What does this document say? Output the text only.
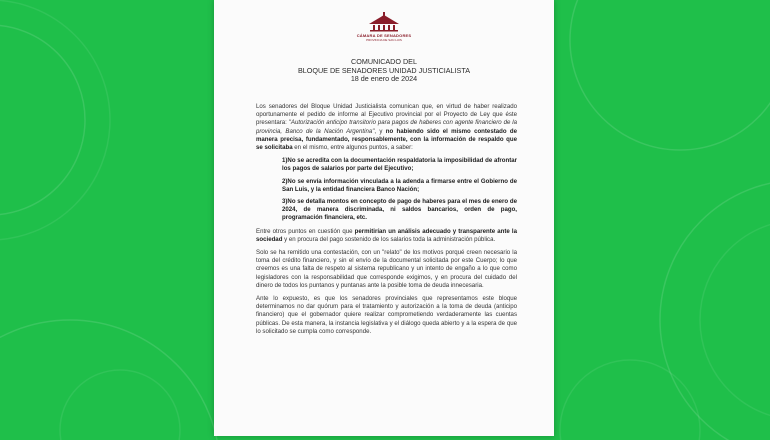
CÁMARA DE SENADORES
PROVINCIA DE SAN LUIS
COMUNICADO DEL
BLOQUE DE SENADORES UNIDAD JUSTICIALISTA
18 de enero de 2024

Los senadores del Bloque Unidad Justicialista comunican que, en virtud de haber realizado oportunamente el pedido de informe al Ejecutivo provincial por el Proyecto de Ley que éste presentara: "Autorización anticipo transitorio para pagos de haberes con agente financiero de la provincia, Banco de la Nación Argentina", y no habiendo sido el mismo contestado de manera precisa, fundamentado, responsablemente, con la información de respaldo que se solicitaba en el mismo, entre algunos puntos, a saber:

1)No se acredita con la documentación respaldatoria la imposibilidad de afrontar los pagos de salarios por parte del Ejecutivo;

2)No se envía información vinculada a la adenda a firmarse entre el Gobierno de San Luis, y la entidad financiera Banco Nación;

3)No se detalla montos en concepto de pago de haberes para el mes de enero de 2024, de manera discriminada, ni saldos bancarios, orden de pago, programación financiera, etc.

Entre otros puntos en cuestión que permitirían un análisis adecuado y transparente ante la sociedad y en procura del pago sostenido de los salarios toda la administración pública.

Solo se ha remitido una contestación, con un "relato" de los motivos porqué creen necesario la toma del crédito financiero, y sin el envío de la documental solicitada por este Cuerpo; lo que creemos es una falta de respeto al sistema republicano y un intento de engaño a lo que como legisladores con la responsabilidad que corresponde exigimos, y en procura del cuidado del dinero de todos los puntanos y puntanas ante la posible toma de deuda innecesaria.

Ante lo expuesto, es que los senadores provinciales que representamos este bloque determinamos no dar quórum para el tratamiento y autorización a la toma de deuda (anticipo financiero) que el gobernador quiere realizar comprometiendo verdaderamente las cuentas públicas. De esta manera, la instancia legislativa y el diálogo queda abierto y a la espera de que lo solicitado se cumpla como corresponde.
